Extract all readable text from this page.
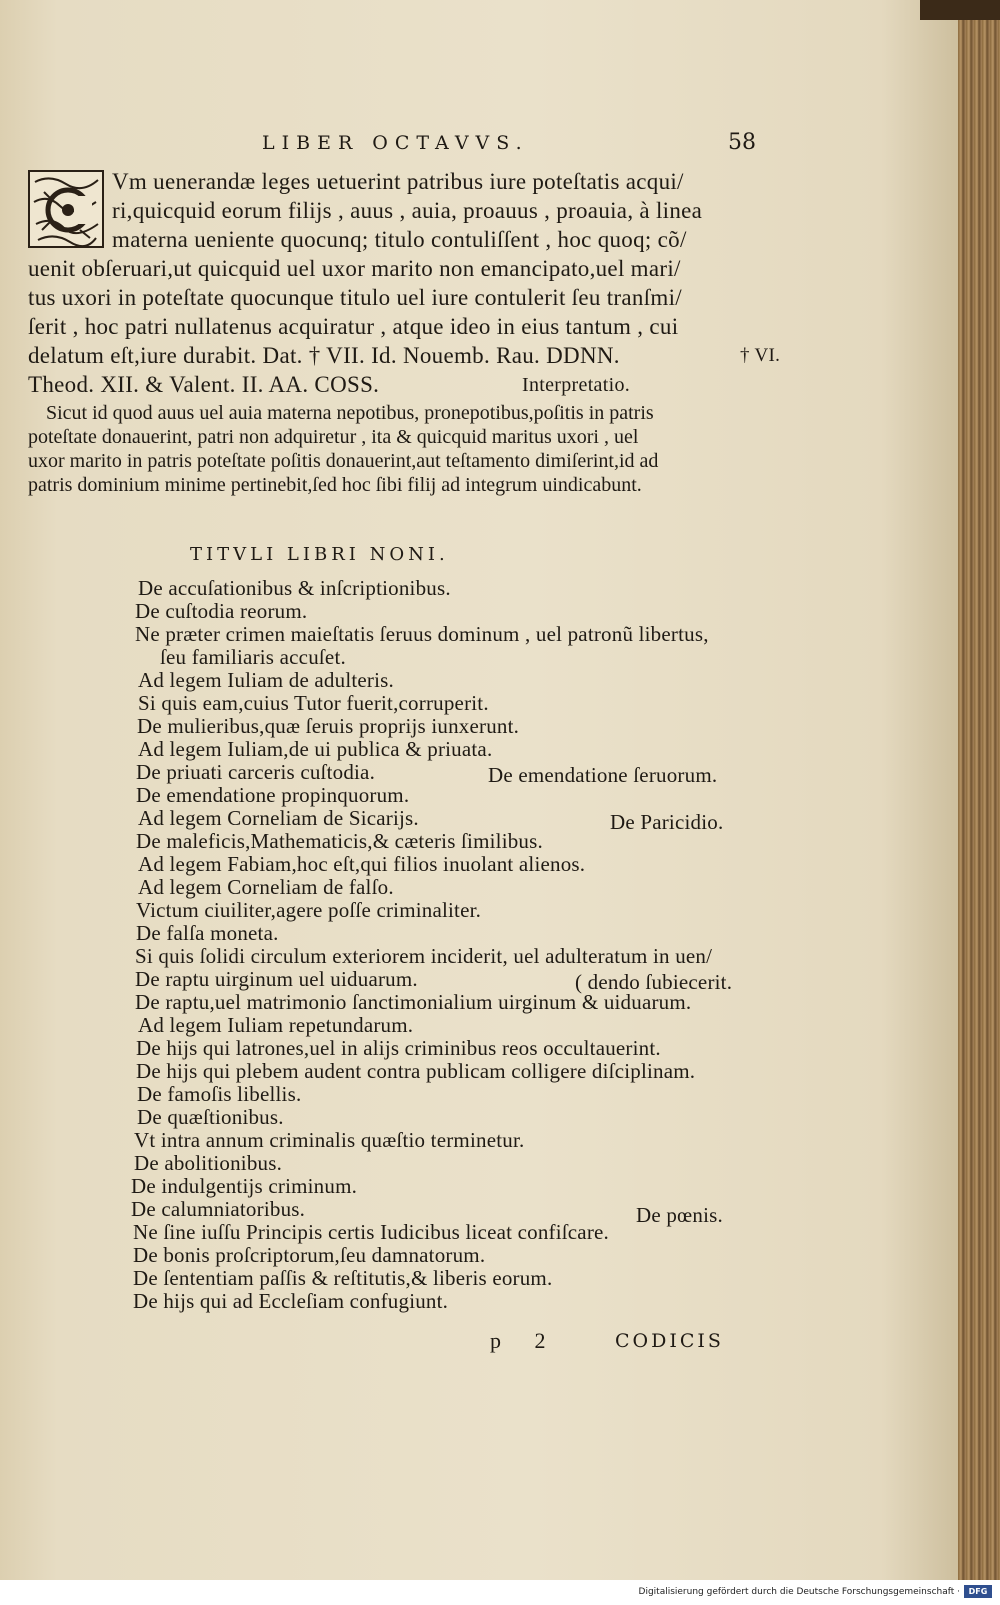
LIBER OCTAVVS.	58
Vm uenerandæ leges uetuerint patribus iure poteſtatis acqui/
ri,quicquid eorum filijs , auus , auia, proauus , proauia, à linea
materna ueniente quocunq; titulo contuliſſent , hoc quoq; cõ/
uenit obſeruari,ut quicquid uel uxor marito non emancipato,uel mari/
tus uxori in poteſtate quocunque titulo uel iure contulerit ſeu tranſmi/
ſerit , hoc patri nullatenus acquiratur , atque ideo in eius tantum , cui
delatum eſt,iure durabit. Dat. † VII. Id. Nouemb. Rau. DDNN.	† VI.
Theod. XII. & Valent. II. AA. COSS.	Interpretatio.
Sicut id quod auus uel auia materna nepotibus, pronepotibus,poſitis in patris
poteſtate donauerint, patri non adquiretur , ita & quicquid maritus uxori , uel
uxor marito in patris poteſtate poſitis donauerint,aut teſtamento dimiſerint,id ad
patris dominium minime pertinebit,ſed hoc ſibi filij ad integrum uindicabunt.
TITVLI LIBRI NONI.
De accuſationibus & inſcriptionibus.
De cuſtodia reorum.
Ne præter crimen maieſtatis ſeruus dominum , uel patronũ libertus,
ſeu familiaris accuſet.
Ad legem Iuliam de adulteris.
Si quis eam,cuius Tutor fuerit,corruperit.
De mulieribus,quæ ſeruis proprijs iunxerunt.
Ad legem Iuliam,de ui publica & priuata.
De priuati carceris cuſtodia.	De emendatione ſeruorum.
De emendatione propinquorum.
Ad legem Corneliam de Sicarijs.	De Paricidio.
De maleficis,Mathematicis,& cæteris ſimilibus.
Ad legem Fabiam,hoc eſt,qui filios inuolant alienos.
Ad legem Corneliam de falſo.
Victum ciuiliter,agere poſſe criminaliter.
De falſa moneta.
Si quis ſolidi circulum exteriorem inciderit, uel adulteratum in uen/
De raptu uirginum uel uiduarum.	( dendo ſubiecerit.
De raptu,uel matrimonio ſanctimonialium uirginum & uiduarum.
Ad legem Iuliam repetundarum.
De hijs qui latrones,uel in alijs criminibus reos occultauerint.
De hijs qui plebem audent contra publicam colligere diſciplinam.
De famoſis libellis.
De quæſtionibus.
Vt intra annum criminalis quæſtio terminetur.
De abolitionibus.
De indulgentijs criminum.
De calumniatoribus.	De pœnis.
Ne ſine iuſſu Principis certis Iudicibus liceat confiſcare.
De bonis proſcriptorum,ſeu damnatorum.
De ſententiam paſſis & reſtitutis,& liberis eorum.
De hijs qui ad Eccleſiam confugiunt.
p 2	CODICIS
Digitalisierung gefördert durch die Deutsche Forschungsgemeinschaft ·	DFG
